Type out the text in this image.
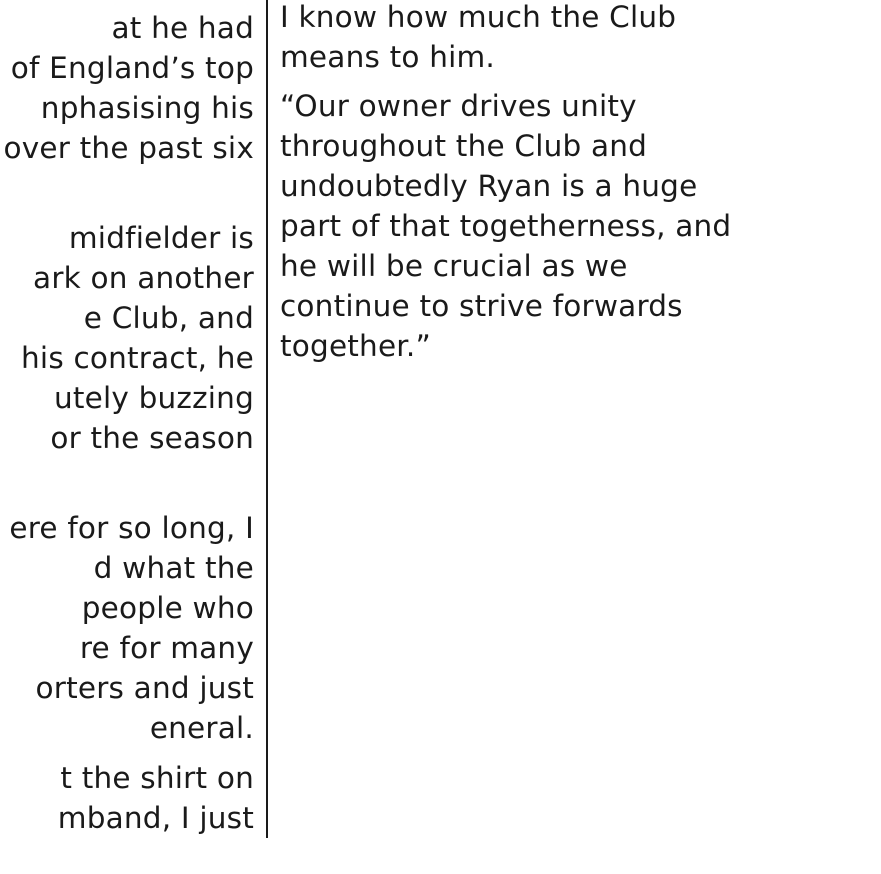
at he had
of England’s top
nphasising his
over the past six
midfielder is
ark on another
e Club, and
his contract, he
utely buzzing
or the season
ere for so long, I
d what the
people who
re for many
orters and just
eneral.
t the shirt on
mband, I just
I know how much the Club
means to him.
“Our owner drives unity
throughout the Club and
undoubtedly Ryan is a huge
part of that togetherness, and
he will be crucial as we
continue to strive forwards
together.”
